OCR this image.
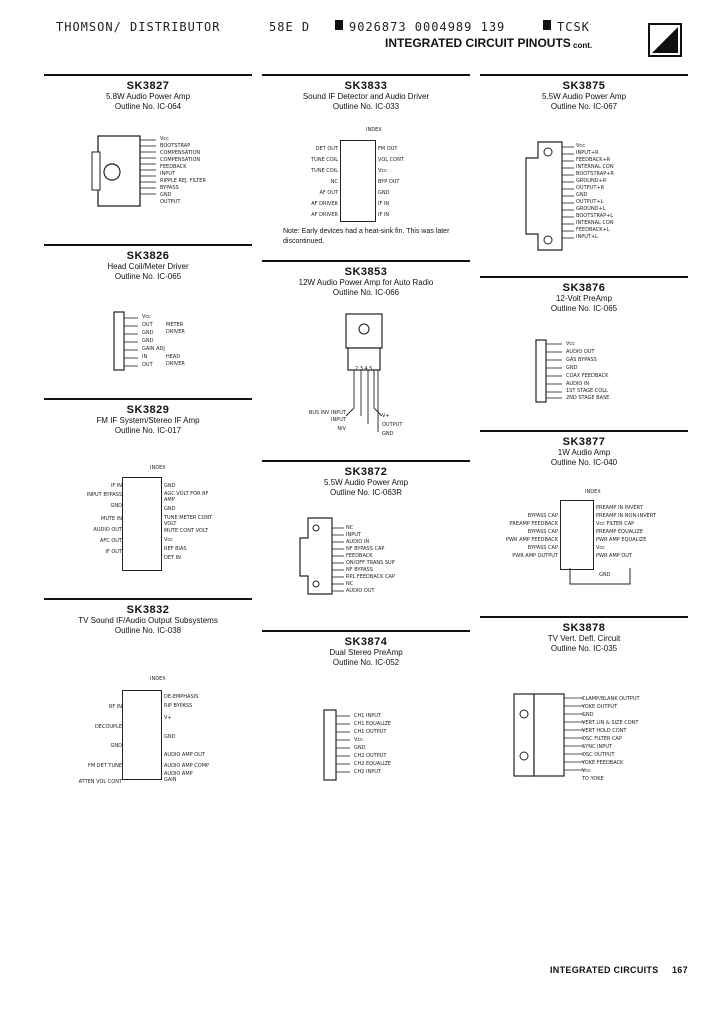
THOMSON/ DISTRIBUTOR	58E D	9026873 0004989 139	TCSK
INTEGRATED CIRCUIT PINOUTS cont.
SK3827
5.8W Audio Power Amp
Outline No. IC-064
Vcc
BOOTSTRAP
COMPENSATION
COMPENSATION
FEEDBACK
INPUT
RIPPLE REJ. FILTER
BYPASS
GND
OUTPUT
SK3826
Head Coil/Meter Driver
Outline No. IC-065
Vcc
OUT
GND
GND
GAIN ADJ
IN
OUT
METER DRIVER
HEAD DRIVER
SK3829
FM IF System/Stereo IF Amp
Outline No. IC-017
INDEX
IF IN
INPUT BYPASS
GND
MUTE IN
AUDIO OUT
AFC OUT
IF OUT
GND
AGC VOLT FOR RF AMP
GND
TUNE METER CONT VOLT
MUTE CONT VOLT
Vcc
REF BIAS
DET IN
SK3832
TV Sound IF/Audio Output Subsystems
Outline No. IC-038
INDEX
RF IN
DECOUPLE
GND
FM DET TUNE
ATTEN VOL CONT
DE-EMPHASIS
RIP BYPASS
V+
GND
AUDIO AMP OUT
AUDIO AMP COMP
AUDIO AMP GAIN
SK3833
Sound IF Detector and Audio Driver
Outline No. IC-033
INDEX
DET OUT
TUNE COIL
TUNE COIL
NC
AF OUT
AF DRIVER
AF DRIVER
FM OUT
VOL CONT
Vcc
BYP OUT
GND
IF IN
IF IN
Note: Early devices had a heat-sink fin. This was later discontinued.
SK3853
12W Audio Power Amp for Auto Radio
Outline No. IC-066
2 3 4 5
BUS INV INPUT
INPUT
NIV
V+
OUTPUT
GND
SK3872
5.5W Audio Power Amp
Outline No. IC-063R
NC
INPUT
AUDIO IN
NF BYPASS CAP
FEEDBACK
ON/OFF TRANS SUP
NF BYPASS
RPL FEEDBACK CAP
NC
AUDIO OUT
SK3874
Dual Stereo PreAmp
Outline No. IC-052
CH1 INPUT
CH1 EQUALIZE
CH1 OUTPUT
Vcc
GND
CH2 OUTPUT
CH2 EQUALIZE
CH2 INPUT
SK3875
5.5W Audio Power Amp
Outline No. IC-067
Vcc
INPUT+R
FEEDBACK+R
INTERNAL CON
BOOTSTRAP+R
GROUND+R
OUTPUT+R
GND
OUTPUT+L
GROUND+L
BOOTSTRAP+L
INTERNAL CON
FEEDBACK+L
INPUT+L
SK3876
12-Volt PreAmp
Outline No. IC-065
Vcc
AUDIO OUT
GAS BYPASS
GND
COAX FEEDBACK
AUDIO IN
1ST STAGE COLL
2ND STAGE BASE
SK3877
1W Audio Amp
Outline No. IC-040
INDEX
GND
BYPASS CAP
PREAMP FEEDBACK
BYPASS CAP
PWR AMP FEEDBACK
BYPASS CAP
PWR AMP OUTPUT
PREAMP IN INVERT
PREAMP IN NON-INVERT
Vcc FILTER CAP
PREAMP EQUALIZE
PWR AMP EQUALIZE
Vcc
PWR AMP OUT
SK3878
TV Vert. Defl. Circuit
Outline No. IC-035
CLAMP/BLANK OUTPUT
YOKE OUTPUT
GND
VERT LIN & SIZE CONT
VERT HOLD CONT
OSC FILTER CAP
SYNC INPUT
OSC OUTPUT
YOKE FEEDBACK
Vcc
TO YOKE
INTEGRATED CIRCUITS 167
